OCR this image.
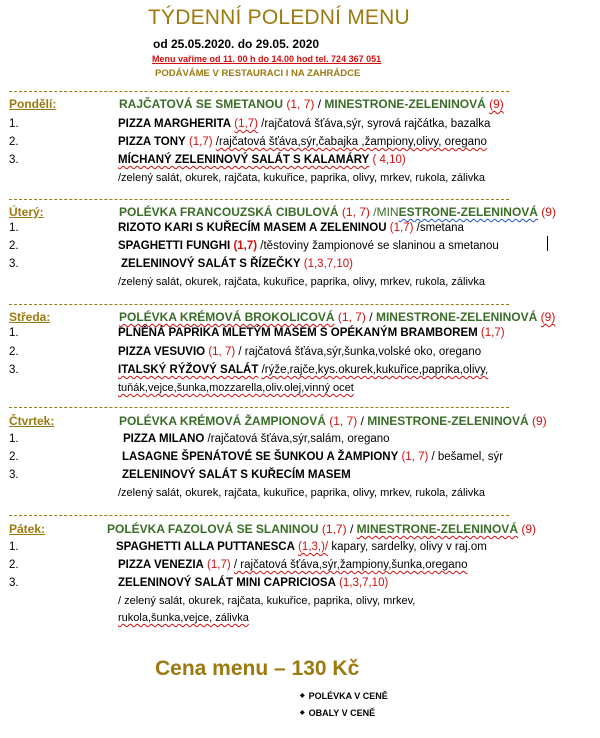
TÝDENNÍ POLEDNÍ MENU
od 25.05.2020. do 29.05. 2020
Menu vaříme od 11. 00 h do 14.00 hod tel. 724 367 051
PODÁVÁME V RESTAURACI I NA ZAHRÁDCE
Pondělí:	RAJČATOVÁ SE SMETANOU (1, 7) / MINESTRONE-ZELENINOVÁ (9)
1.	PIZZA MARGHERITA (1,7) /rajčatová šťáva,sýr, syrová rajčátka, bazalka
2.	PIZZA TONY (1,7) /rajčatová šťáva,sýr,čabajka ,žampiony,olivy, oregano
3.	MÍCHANÝ ZELENINOVÝ SALÁT S KALAMÁRY ( 4,10)
/zelený salát, okurek, rajčata, kukuřice, paprika, olivy, mrkev, rukola, zálivka
Úterý:	POLÉVKA FRANCOUZSKÁ CIBULOVÁ (1, 7) /MINESTRONE-ZELENINOVÁ (9)
1.	RIZOTO KARI S KUŘECÍM MASEM A ZELENINOU (1,7) /smetana
2.	SPAGHETTI FUNGHI (1,7) /těstoviny žampionové se slaninou a smetanou
3.	ZELENINOVÝ SALÁT S ŘÍZEČKY (1,3,7,10)
/zelený salát, okurek, rajčata, kukuřice, paprika, olivy, mrkev, rukola, zálivka
Středa:	POLÉVKA KRÉMOVÁ BROKOLICOVÁ (1, 7) / MINESTRONE-ZELENINOVÁ (9)
1.	PLNĚNÁ PAPRIKA MLETÝM MASEM S OPÉKANÝM BRAMBOREM (1,7)
2.	PIZZA VESUVIO (1, 7) / rajčatová šťáva,sýr,šunka,volské oko, oregano
3.	ITALSKÝ RÝŽOVÝ SALÁT /rýže,rajče,kys.okurek,kukuřice,paprika,olivy,
tuňák,vejce,šunka,mozzarella,oliv.olej,vinný ocet
Čtvrtek:	POLÉVKA KRÉMOVÁ ŽAMPIONOVÁ (1, 7) / MINESTRONE-ZELENINOVÁ (9)
1.	PIZZA MILANO /rajčatová šťáva,sýr,salám, oregano
2.	LASAGNE ŠPENÁTOVÉ SE ŠUNKOU A ŽAMPIONY (1, 7) / bešamel, sýr
3.	ZELENINOVÝ SALÁT S KUŘECÍM MASEM
/zelený salát, okurek, rajčata, kukuřice, paprika, olivy, mrkev, rukola, zálivka
Pátek:	POLÉVKA FAZOLOVÁ SE SLANINOU (1,7) / MINESTRONE-ZELENINOVÁ (9)
1.	SPAGHETTI ALLA PUTTANESCA (1,3,)/ kapary, sardelky, olivy v raj.om
2.	PIZZA VENEZIA (1,7) / rajčatová šťáva,sýr,žampiony,šunka,oregano
3.	ZELENINOVÝ SALÁT MINI CAPRICIOSA (1,3,7,10)
/ zelený salát, okurek, rajčata, kukuřice, paprika, olivy, mrkev,
rukola,šunka,vejce, zálivka
Cena menu – 130 Kč
◆ POLÉVKA V CENĚ
◆ OBALY V CENĚ
